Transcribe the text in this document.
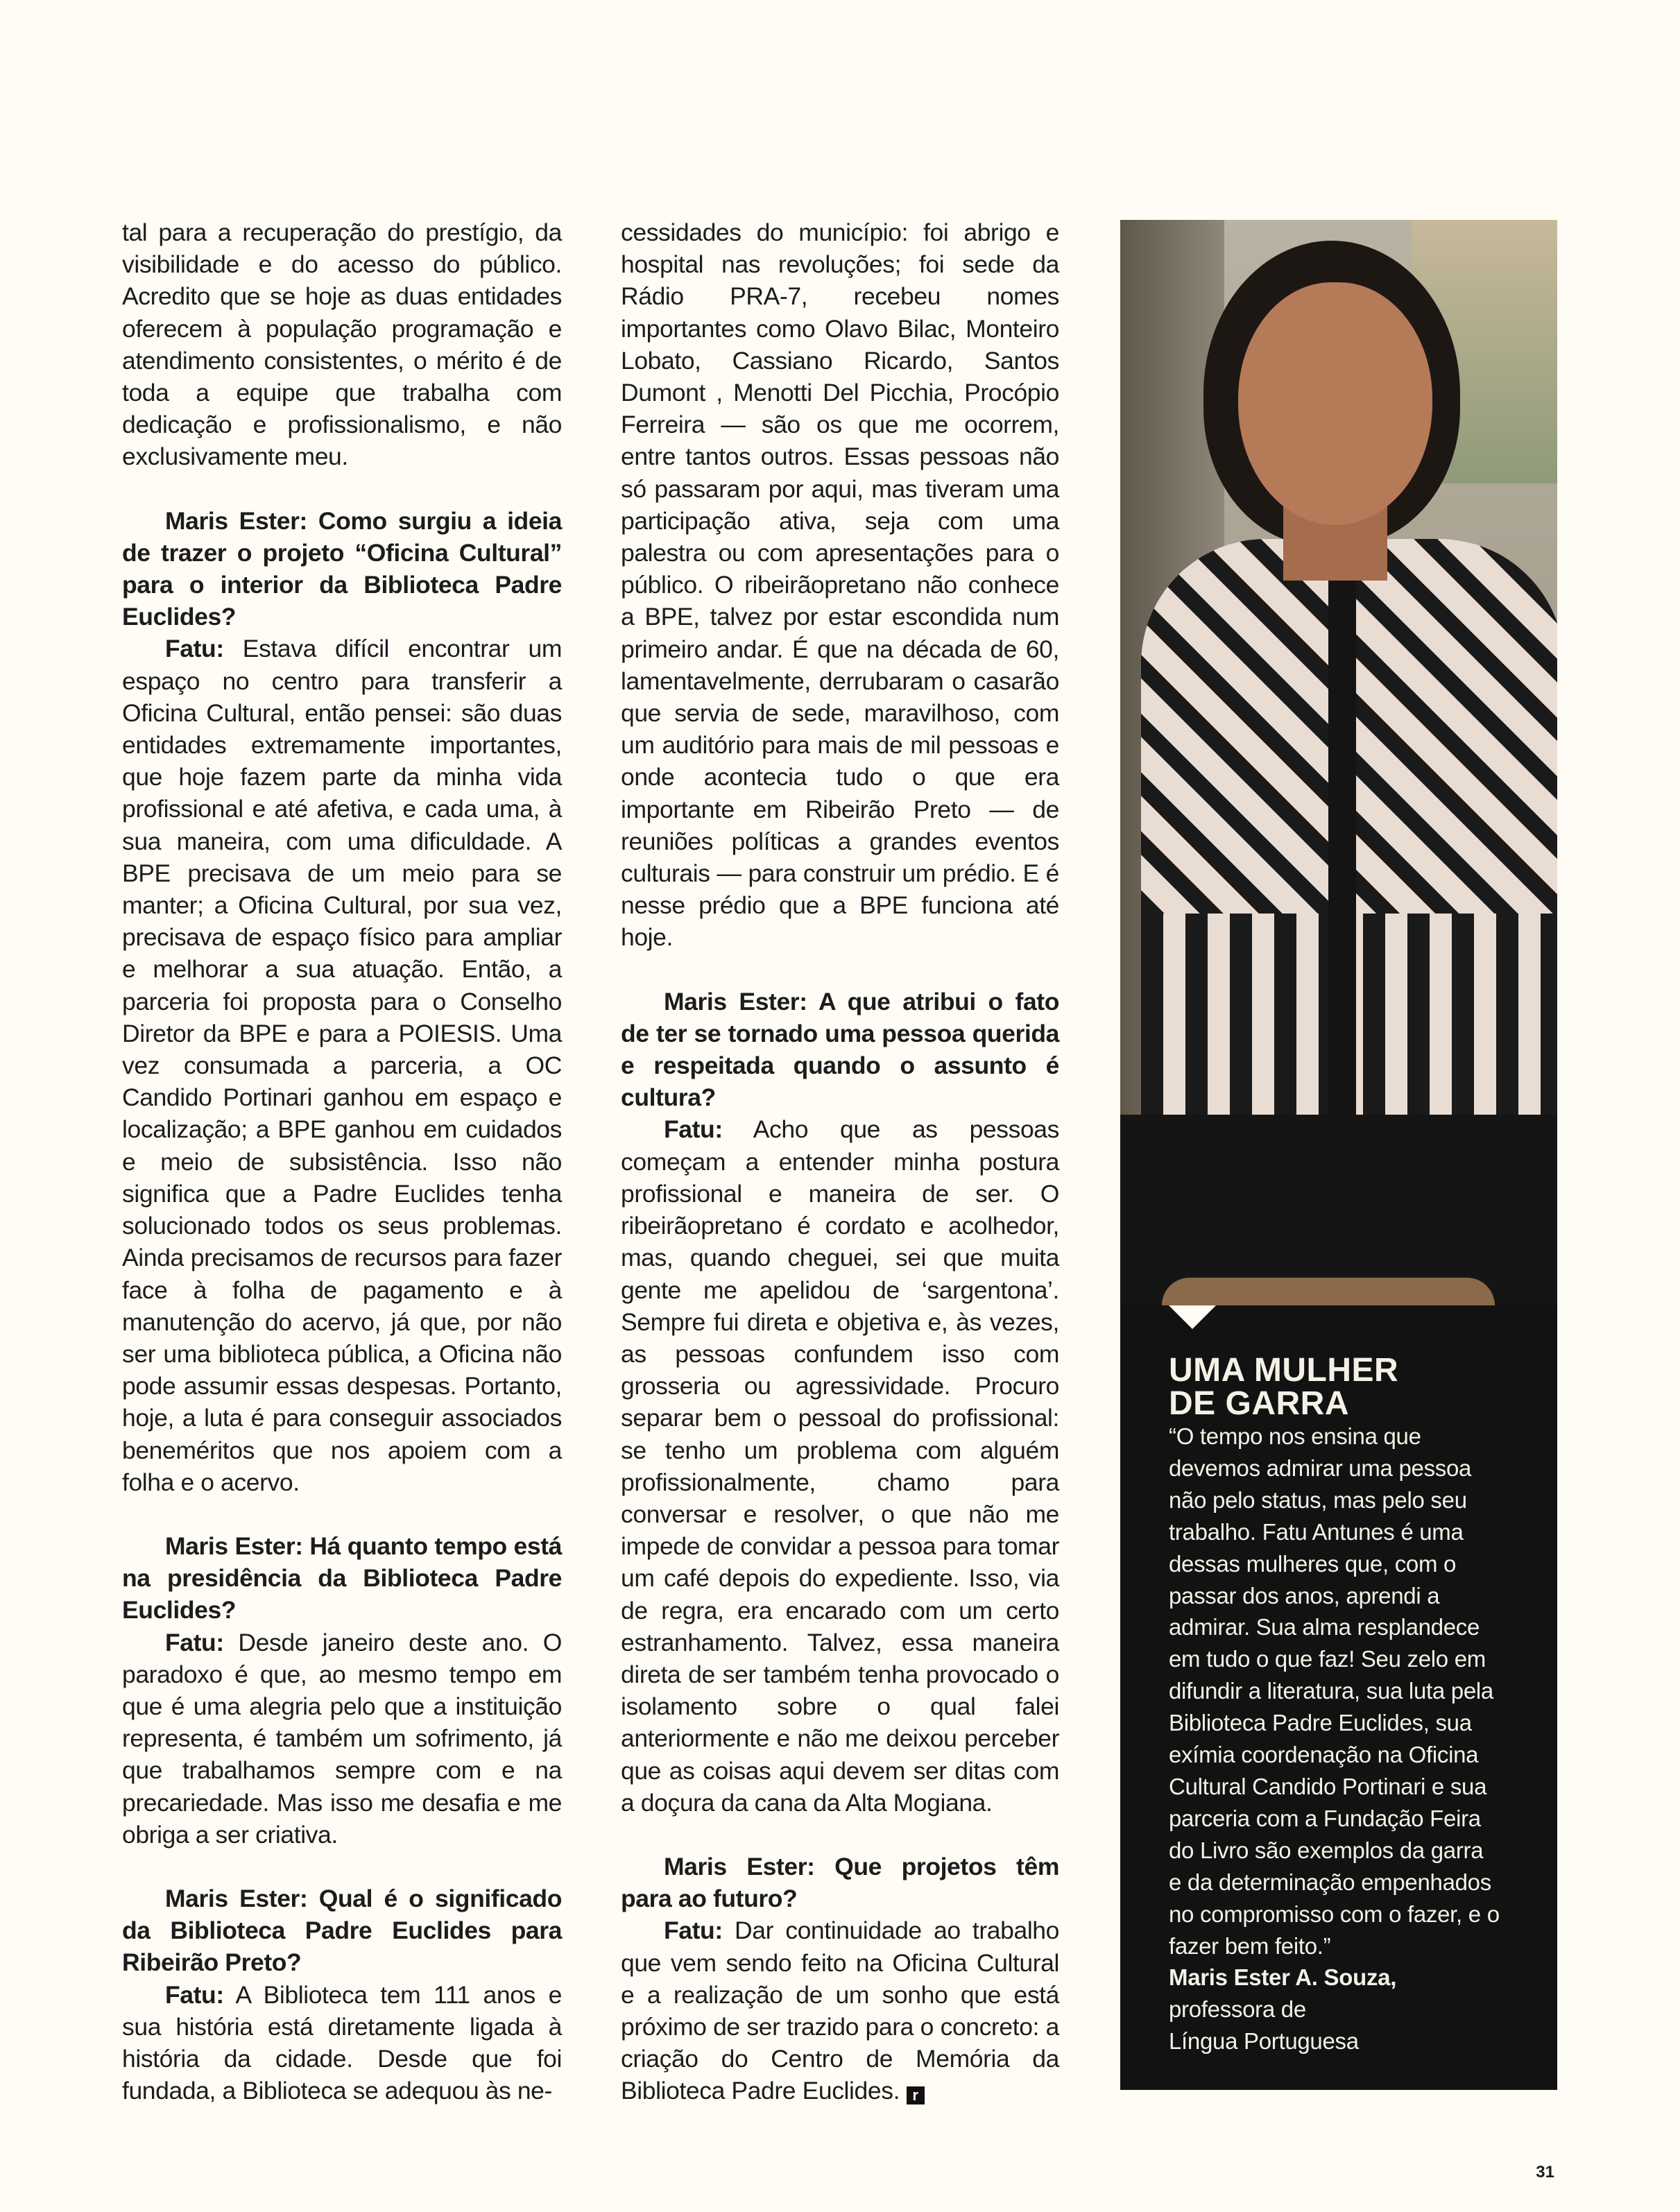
tal para a recuperação do prestígio, da visibilidade e do acesso do público. Acredito que se hoje as duas entidades oferecem à população programação e atendimento consistentes, o mérito é de toda a equipe que trabalha com dedicação e profissionalismo, e não exclusivamente meu.

Maris Ester: Como surgiu a ideia de trazer o projeto “Oficina Cultural” para o interior da Biblioteca Padre Euclides?

Fatu: Estava difícil encontrar um espaço no centro para transferir a Oficina Cultural, então pensei: são duas entidades extremamente importantes, que hoje fazem parte da minha vida profissional e até afetiva, e cada uma, à sua maneira, com uma dificuldade. A BPE precisava de um meio para se manter; a Oficina Cultural, por sua vez, precisava de espaço físico para ampliar e melhorar a sua atuação. Então, a parceria foi proposta para o Conselho Diretor da BPE e para a POIESIS. Uma vez consumada a parceria, a OC Candido Portinari ganhou em espaço e localização; a BPE ganhou em cuidados e meio de subsistência. Isso não significa que a Padre Euclides tenha solucionado todos os seus problemas. Ainda precisamos de recursos para fazer face à folha de pagamento e à manutenção do acervo, já que, por não ser uma biblioteca pública, a Oficina não pode assumir essas despesas. Portanto, hoje, a luta é para conseguir associados beneméritos que nos apoiem com a folha e o acervo.

Maris Ester: Há quanto tempo está na presidência da Biblioteca Padre Euclides?

Fatu: Desde janeiro deste ano. O paradoxo é que, ao mesmo tempo em que é uma alegria pelo que a instituição representa, é também um sofrimento, já que trabalhamos sempre com e na precariedade. Mas isso me desafia e me obriga a ser criativa.

Maris Ester: Qual é o significado da Biblioteca Padre Euclides para Ribeirão Preto?

Fatu: A Biblioteca tem 111 anos e sua história está diretamente ligada à história da cidade. Desde que foi fundada, a Biblioteca se adequou às ne-

cessidades do município: foi abrigo e hospital nas revoluções; foi sede da Rádio PRA-7, recebeu nomes importantes como Olavo Bilac, Monteiro Lobato, Cassiano Ricardo, Santos Dumont , Menotti Del Picchia, Procópio Ferreira — são os que me ocorrem, entre tantos outros. Essas pessoas não só passaram por aqui, mas tiveram uma participação ativa, seja com uma palestra ou com apresentações para o público. O ribeirãopretano não conhece a BPE, talvez por estar escondida num primeiro andar. É que na década de 60, lamentavelmente, derrubaram o casarão que servia de sede, maravilhoso, com um auditório para mais de mil pessoas e onde acontecia tudo o que era importante em Ribeirão Preto — de reuniões políticas a grandes eventos culturais — para construir um prédio. E é nesse prédio que a BPE funciona até hoje.

Maris Ester: A que atribui o fato de ter se tornado uma pessoa querida e respeitada quando o assunto é cultura?

Fatu: Acho que as pessoas começam a entender minha postura profissional e maneira de ser. O ribeirãopretano é cordato e acolhedor, mas, quando cheguei, sei que muita gente me apelidou de ‘sargentona’. Sempre fui direta e objetiva e, às vezes, as pessoas confundem isso com grosseria ou agressividade. Procuro separar bem o pessoal do profissional: se tenho um problema com alguém profissionalmente, chamo para conversar e resolver, o que não me impede de convidar a pessoa para tomar um café depois do expediente. Isso, via de regra, era encarado com um certo estranhamento. Talvez, essa maneira direta de ser também tenha provocado o isolamento sobre o qual falei anteriormente e não me deixou perceber que as coisas aqui devem ser ditas com a doçura da cana da Alta Mogiana.

Maris Ester: Que projetos têm para ao futuro?

Fatu: Dar continuidade ao trabalho que vem sendo feito na Oficina Cultural e a realização de um sonho que está próximo de ser trazido para o concreto: a criação do Centro de Memória da Biblioteca Padre Euclides. r

UMA MULHER DE GARRA

“O tempo nos ensina que devemos admirar uma pessoa não pelo status, mas pelo seu trabalho. Fatu Antunes é uma dessas mulheres que, com o passar dos anos, aprendi a admirar. Sua alma resplandece em tudo o que faz! Seu zelo em difundir a literatura, sua luta pela Biblioteca Padre Euclides, sua exímia coordenação na Oficina Cultural Candido Portinari e sua parceria com a Fundação Feira do Livro são exemplos da garra e da determinação empenhados no compromisso com o fazer, e o fazer bem feito.”
Maris Ester A. Souza,
professora de
Língua Portuguesa

31
